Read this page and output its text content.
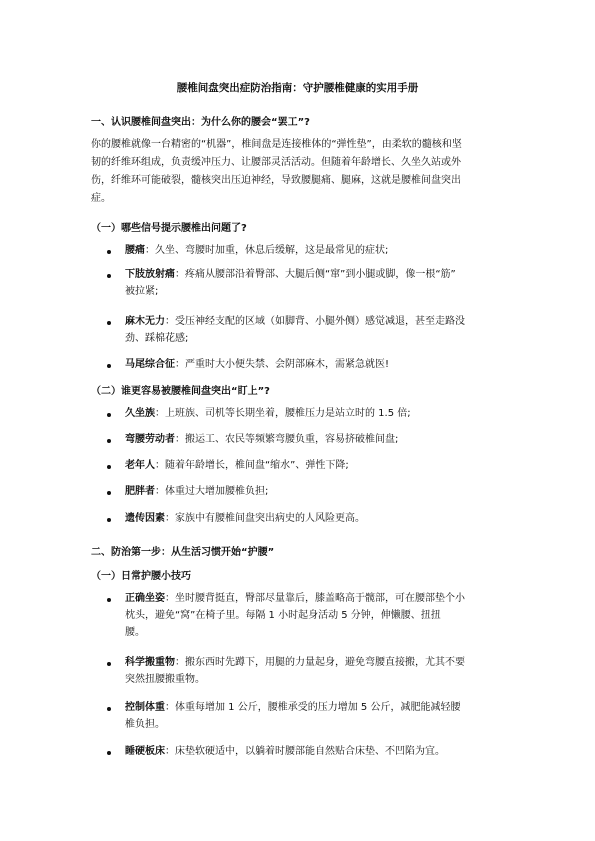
腰椎间盘突出症防治指南：守护腰椎健康的实用手册
一、认识腰椎间盘突出：为什么你的腰会“罢工”?
你的腰椎就像一台精密的“机器”，椎间盘是连接椎体的“弹性垫”，由柔软的髓核和坚
韧的纤维环组成，负责缓冲压力、让腰部灵活活动。但随着年龄增长、久坐久站或外
伤，纤维环可能破裂，髓核突出压迫神经，导致腰腿痛、腿麻，这就是腰椎间盘突出
症。
（一）哪些信号提示腰椎出问题了?
腰痛：久坐、弯腰时加重，休息后缓解，这是最常见的症状;
下肢放射痛：疼痛从腰部沿着臀部、大腿后侧“窜”到小腿或脚，像一根“筋”
被拉紧;
麻木无力：受压神经支配的区域（如脚背、小腿外侧）感觉减退，甚至走路没
劲、踩棉花感;
马尾综合征：严重时大小便失禁、会阴部麻木，需紧急就医!
（二）谁更容易被腰椎间盘突出“盯上”?
久坐族：上班族、司机等长期坐着，腰椎压力是站立时的 1.5 倍;
弯腰劳动者：搬运工、农民等频繁弯腰负重，容易挤破椎间盘;
老年人：随着年龄增长，椎间盘“缩水”、弹性下降;
肥胖者：体重过大增加腰椎负担;
遗传因素：家族中有腰椎间盘突出病史的人风险更高。
二、防治第一步：从生活习惯开始“护腰”
（一）日常护腰小技巧
正确坐姿：坐时腰背挺直，臀部尽量靠后，膝盖略高于髋部，可在腰部垫个小
枕头，避免“窝”在椅子里。每隔 1 小时起身活动 5 分钟，伸懒腰、扭扭
腰。
科学搬重物：搬东西时先蹲下，用腿的力量起身，避免弯腰直接搬，尤其不要
突然扭腰搬重物。
控制体重：体重每增加 1 公斤，腰椎承受的压力增加 5 公斤，减肥能减轻腰
椎负担。
睡硬板床：床垫软硬适中，以躺着时腰部能自然贴合床垫、不凹陷为宜。
